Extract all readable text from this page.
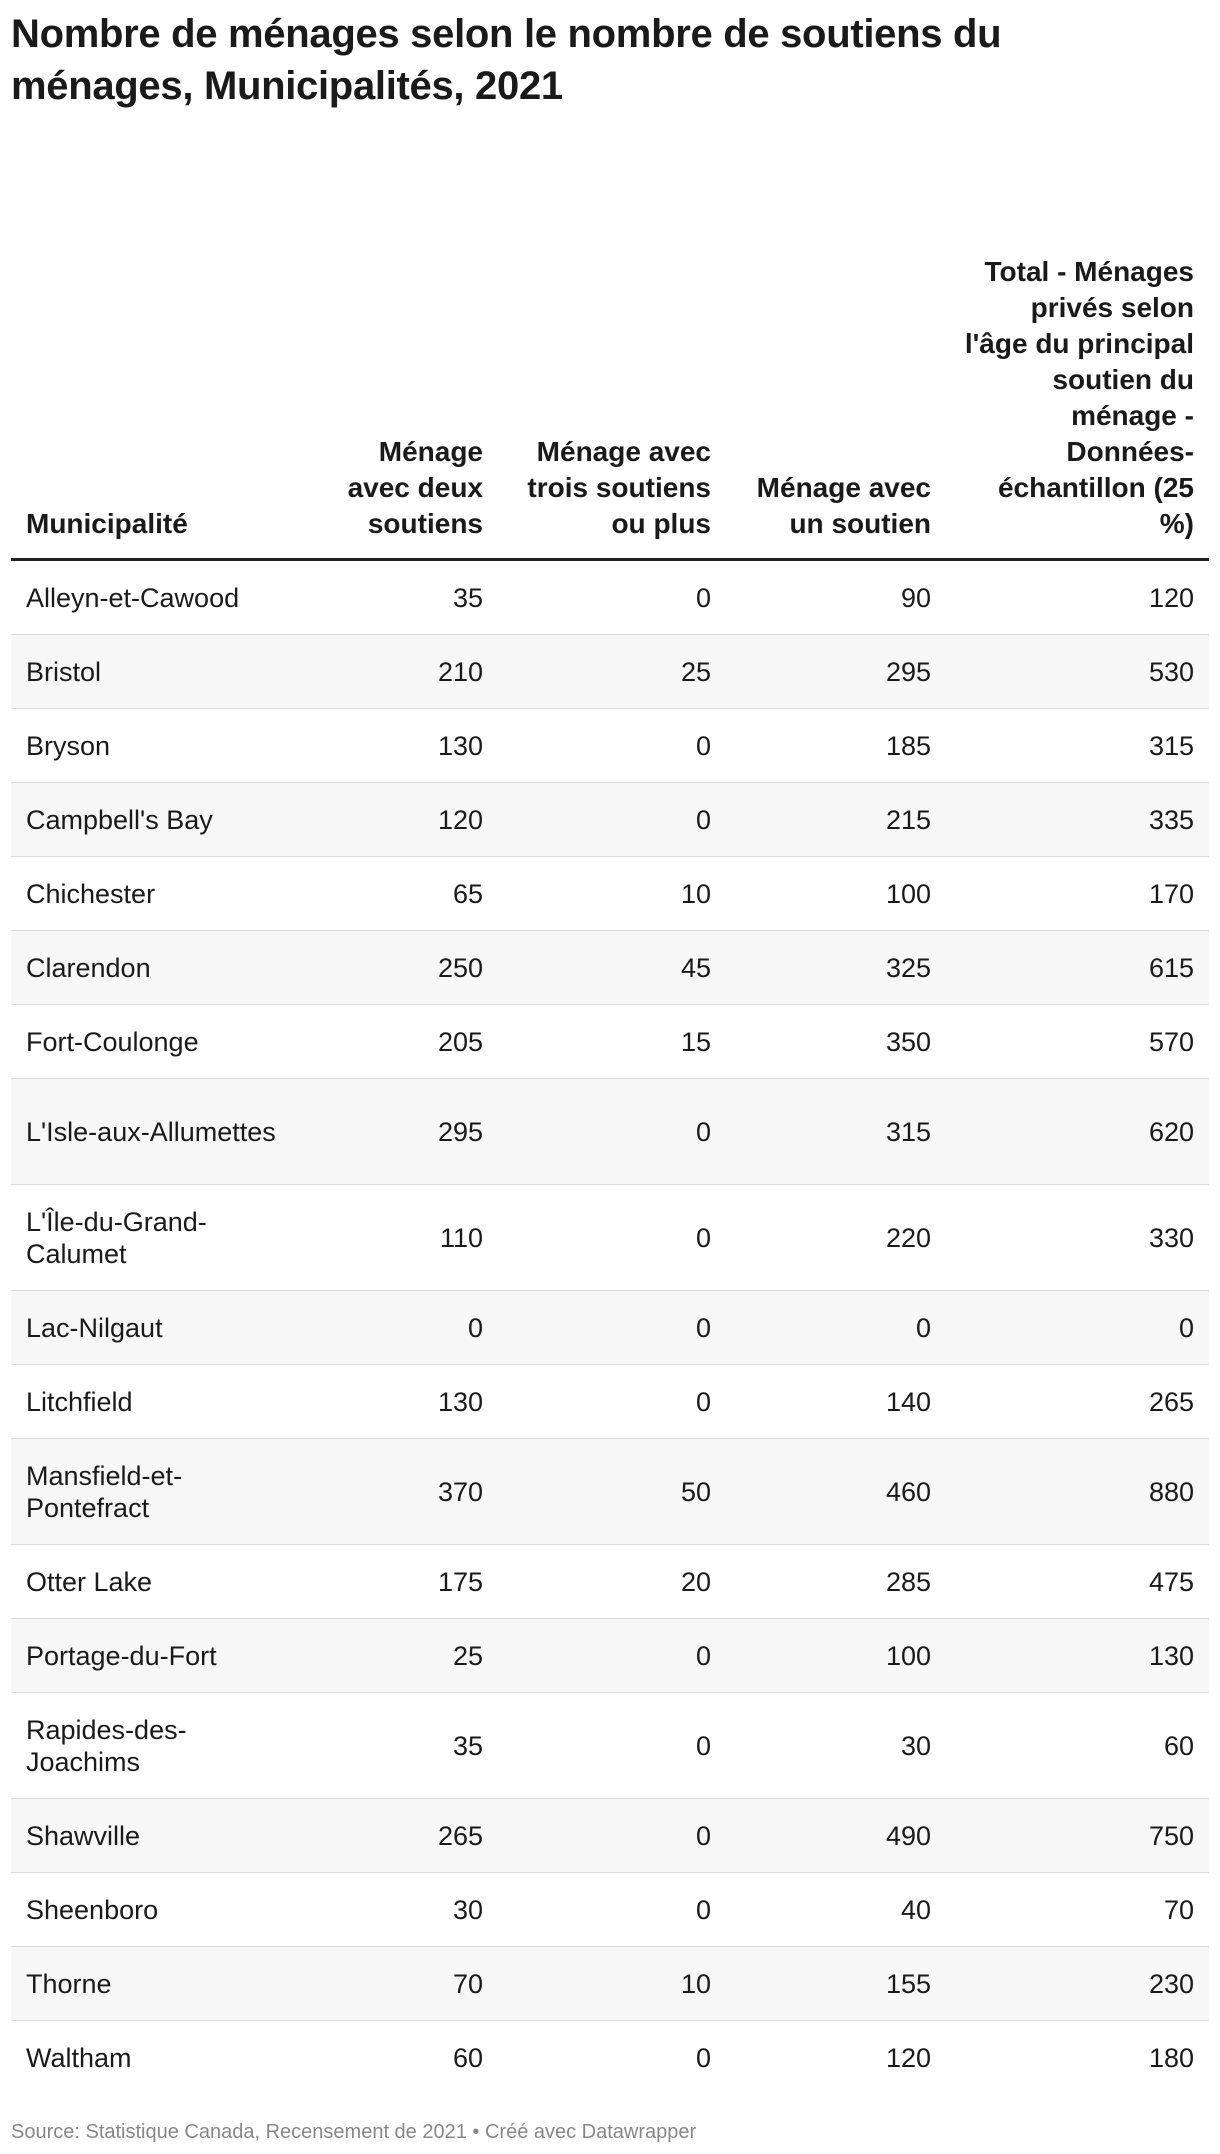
Nombre de ménages selon le nombre de soutiens du ménages, Municipalités, 2021
Municipalité	Ménage avec deux soutiens	Ménage avec trois soutiens ou plus	Ménage avec un soutien	Total - Ménages privés selon l'âge du principal soutien du ménage - Données-échantillon (25 %)
Alleyn-et-Cawood	35	0	90	120
Bristol	210	25	295	530
Bryson	130	0	185	315
Campbell's Bay	120	0	215	335
Chichester	65	10	100	170
Clarendon	250	45	325	615
Fort-Coulonge	205	15	350	570
L'Isle-aux-Allumettes	295	0	315	620
L'Île-du-Grand-Calumet	110	0	220	330
Lac-Nilgaut	0	0	0	0
Litchfield	130	0	140	265
Mansfield-et-Pontefract	370	50	460	880
Otter Lake	175	20	285	475
Portage-du-Fort	25	0	100	130
Rapides-des-Joachims	35	0	30	60
Shawville	265	0	490	750
Sheenboro	30	0	40	70
Thorne	70	10	155	230
Waltham	60	0	120	180
Source: Statistique Canada, Recensement de 2021 • Créé avec Datawrapper
